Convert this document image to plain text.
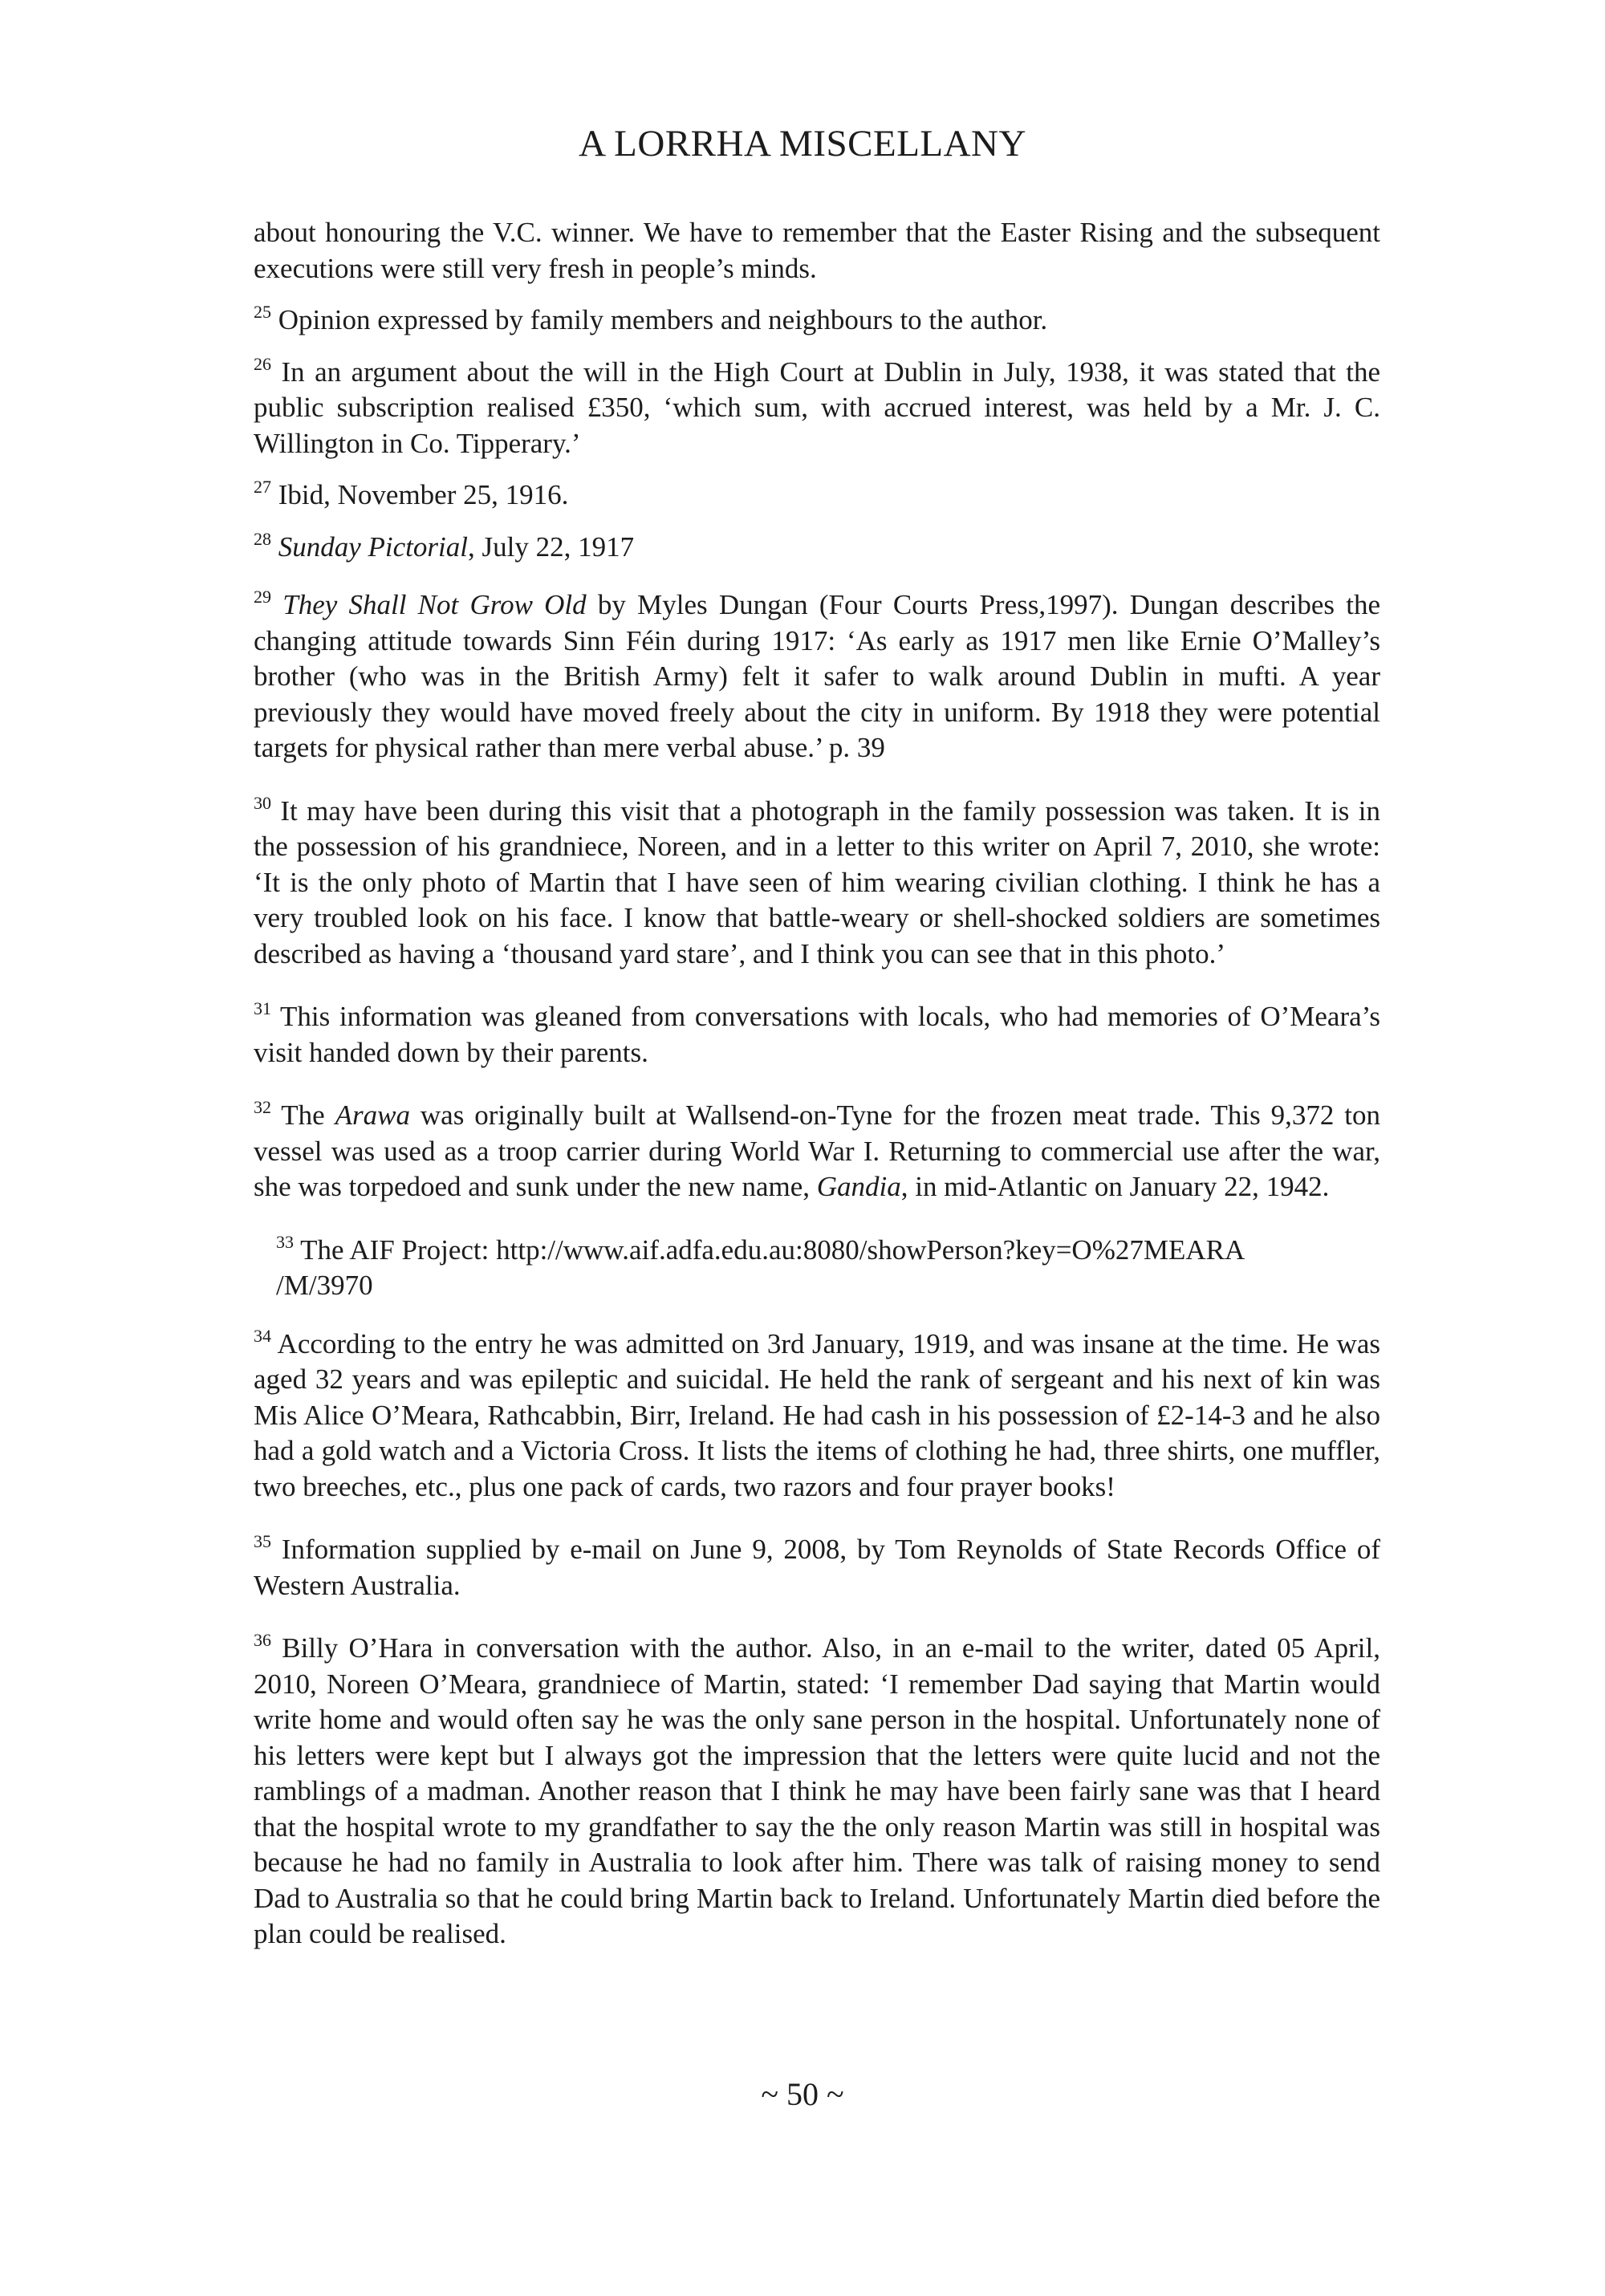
A LORRHA MISCELLANY

about honouring the V.C. winner. We have to remember that the Easter Rising and the subsequent executions were still very fresh in people’s minds.

$^{25}$ Opinion expressed by family members and neighbours to the author.

$^{26}$ In an argument about the will in the High Court at Dublin in July, 1938, it was stated that the public subscription realised £350, ‘which sum, with accrued interest, was held by a Mr. J. C. Willington in Co. Tipperary.’

$^{27}$ Ibid, November 25, 1916.

$^{28}$ Sunday Pictorial, July 22, 1917

$^{29}$ They Shall Not Grow Old by Myles Dungan (Four Courts Press,1997). Dungan describes the changing attitude towards Sinn Féin during 1917: ‘As early as 1917 men like Ernie O’Malley’s brother (who was in the British Army) felt it safer to walk around Dublin in mufti. A year previously they would have moved freely about the city in uniform. By 1918 they were potential targets for physical rather than mere verbal abuse.’ p. 39

$^{30}$ It may have been during this visit that a photograph in the family possession was taken. It is in the possession of his grandniece, Noreen, and in a letter to this writer on April 7, 2010, she wrote: ‘It is the only photo of Martin that I have seen of him wearing civilian clothing. I think he has a very troubled look on his face. I know that battle-weary or shell-shocked soldiers are sometimes described as having a ‘thousand yard stare’, and I think you can see that in this photo.’

$^{31}$ This information was gleaned from conversations with locals, who had memories of O’Meara’s visit handed down by their parents.

$^{32}$ The Arawa was originally built at Wallsend-on-Tyne for the frozen meat trade. This 9,372 ton vessel was used as a troop carrier during World War I. Returning to commercial use after the war, she was torpedoed and sunk under the new name, Gandia, in mid-Atlantic on January 22, 1942.

$^{33}$ The AIF Project: http://www.aif.adfa.edu.au:8080/showPerson?key=O%27MEARA
/M/3970

$^{34}$ According to the entry he was admitted on 3rd January, 1919, and was insane at the time. He was aged 32 years and was epileptic and suicidal. He held the rank of sergeant and his next of kin was Mis Alice O’Meara, Rathcabbin, Birr, Ireland. He had cash in his possession of £2-14-3 and he also had a gold watch and a Victoria Cross. It lists the items of clothing he had, three shirts, one muffler, two breeches, etc., plus one pack of cards, two razors and four prayer books!

$^{35}$ Information supplied by e-mail on June 9, 2008, by Tom Reynolds of State Records Office of Western Australia.

$^{36}$ Billy O’Hara in conversation with the author. Also, in an e-mail to the writer, dated 05 April, 2010, Noreen O’Meara, grandniece of Martin, stated: ‘I remember Dad saying that Martin would write home and would often say he was the only sane person in the hospital. Unfortunately none of his letters were kept but I always got the impression that the letters were quite lucid and not the ramblings of a madman. Another reason that I think he may have been fairly sane was that I heard that the hospital wrote to my grandfather to say the the only reason Martin was still in hospital was because he had no family in Australia to look after him. There was talk of raising money to send Dad to Australia so that he could bring Martin back to Ireland. Unfortunately Martin died before the plan could be realised.

~ 50 ~
